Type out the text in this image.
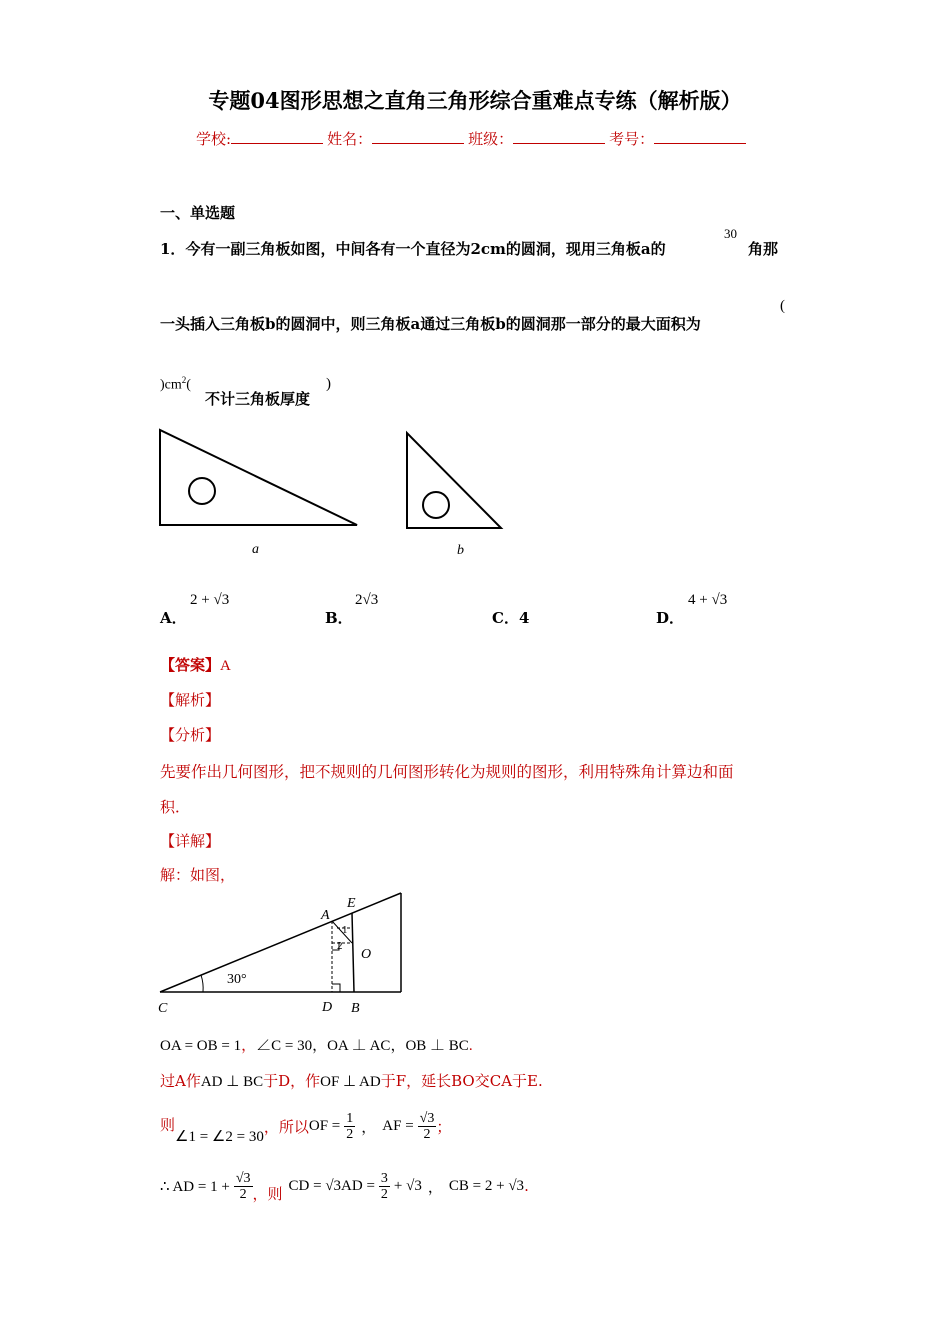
专题04图形思想之直角三角形综合重难点专练（解析版）
学校:	姓名：	班级：	考号：
一、单选题
1．今有一副三角板如图，中间各有一个直径为2cm的圆洞，现用三角板a的
30
角那
一头插入三角板b的圆洞中，则三角板a通过三角板b的圆洞那一部分的最大面积为
(
)$cm^2$(
不计三角板厚度
)
a	b
A．
2 + √3
B．
2√3
C．4	D．
4 + √3
【答案】A
【解析】
【分析】
先要作出几何图形，把不规则的几何图形转化为规则的图形，利用特殊角计算边和面
积．
【详解】
解：如图，
30°
A
E
O
C	D B
1
2
OA = OB = 1，∠C = 30，OA ⊥ AC，OB ⊥ BC.
过A作AD ⊥ BC于D，作OF ⊥ AD于F，延长BO交CA于E.
则
∠1 = ∠2 = 30
，所以 OF = $\frac{1}{2}$ ， AF = $\frac{√3}{2}$ ；
∴ AD = $1 + \frac{√3}{2}$ ，则 CD = $√3AD = \frac{3}{2} + √3$ ， CB = 2 + √3 .
